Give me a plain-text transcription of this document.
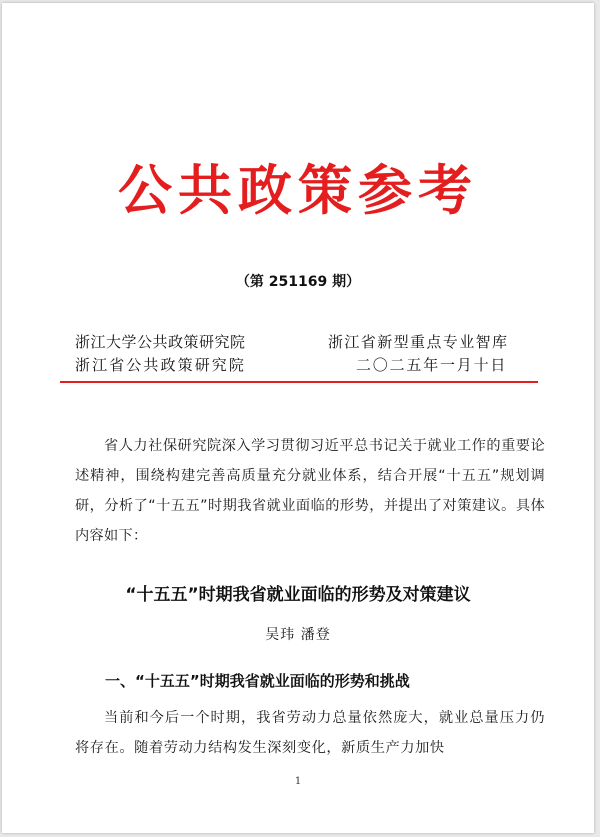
公共政策参考
（第 251169 期）
浙江大学公共政策研究院	浙江省新型重点专业智库
浙江省公共政策研究院	二〇二五年一月十日
省人力社保研究院深入学习贯彻习近平总书记关于就业工作的重要论述精神，围绕构建完善高质量充分就业体系，结合开展“十五五”规划调研，分析了“十五五”时期我省就业面临的形势，并提出了对策建议。具体内容如下：
“十五五”时期我省就业面临的形势及对策建议
吴玮 潘登
一、“十五五”时期我省就业面临的形势和挑战
当前和今后一个时期，我省劳动力总量依然庞大，就业总量压力仍将存在。随着劳动力结构发生深刻变化，新质生产力加快
1
